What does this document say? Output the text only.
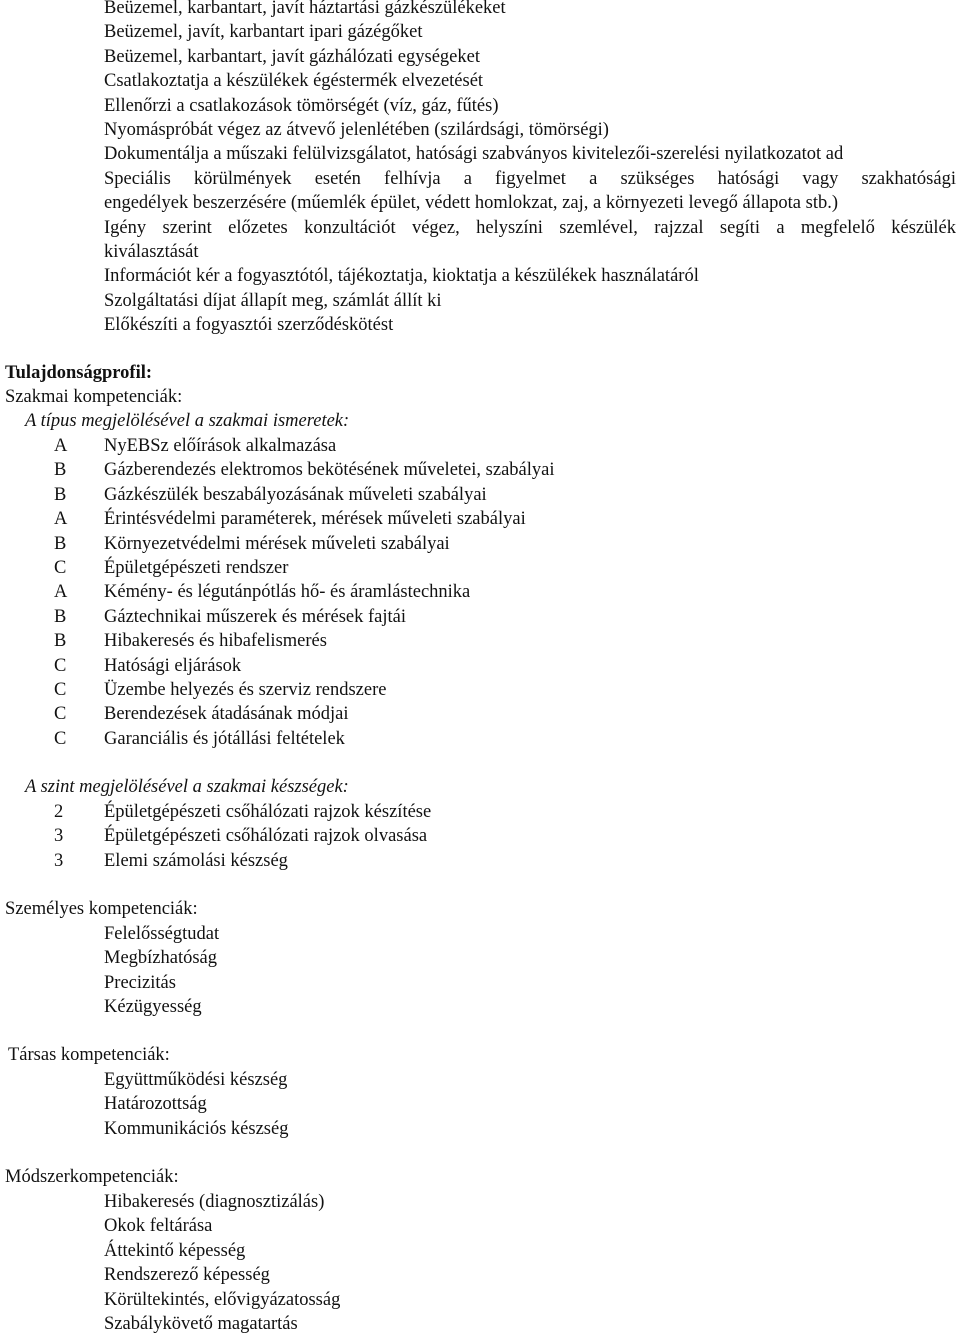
Beüzemel, karbantart, javít háztartási gázkészülékeket
Beüzemel, javít, karbantart ipari gázégőket
Beüzemel, karbantart, javít gázhálózati egységeket
Csatlakoztatja a készülékek égéstermék elvezetését
Ellenőrzi a csatlakozások tömörségét (víz, gáz, fűtés)
Nyomáspróbát végez az átvevő jelenlétében (szilárdsági, tömörségi)
Dokumentálja a műszaki felülvizsgálatot, hatósági szabványos kivitelezői-szerelési nyilatkozatot ad
Speciális körülmények esetén felhívja a figyelmet a szükséges hatósági vagy szakhatósági
engedélyek beszerzésére (műemlék épület, védett homlokzat, zaj, a környezeti levegő állapota stb.)
Igény szerint előzetes konzultációt végez, helyszíni szemlével, rajzzal segíti a megfelelő készülék
kiválasztását
Információt kér a fogyasztótól, tájékoztatja, kioktatja a készülékek használatáról
Szolgáltatási díjat állapít meg, számlát állít ki
Előkészíti a fogyasztói szerződéskötést
Tulajdonságprofil:
Szakmai kompetenciák:
A típus megjelölésével a szakmai ismeretek:
A	NyEBSz előírások alkalmazása
B	Gázberendezés elektromos bekötésének műveletei, szabályai
B	Gázkészülék beszabályozásának műveleti szabályai
A	Érintésvédelmi paraméterek, mérések műveleti szabályai
B	Környezetvédelmi mérések műveleti szabályai
C	Épületgépészeti rendszer
A	Kémény- és légutánpótlás hő- és áramlástechnika
B	Gáztechnikai műszerek és mérések fajtái
B	Hibakeresés és hibafelismerés
C	Hatósági eljárások
C	Üzembe helyezés és szerviz rendszere
C	Berendezések átadásának módjai
C	Garanciális és jótállási feltételek
A szint megjelölésével a szakmai készségek:
2	Épületgépészeti csőhálózati rajzok készítése
3	Épületgépészeti csőhálózati rajzok olvasása
3	Elemi számolási készség
Személyes kompetenciák:
Felelősségtudat
Megbízhatóság
Precizitás
Kézügyesség
Társas kompetenciák:
Együttműködési készség
Határozottság
Kommunikációs készség
Módszerkompetenciák:
Hibakeresés (diagnosztizálás)
Okok feltárása
Áttekintő képesség
Rendszerező képesség
Körültekintés, elővigyázatosság
Szabálykövető magatartás
